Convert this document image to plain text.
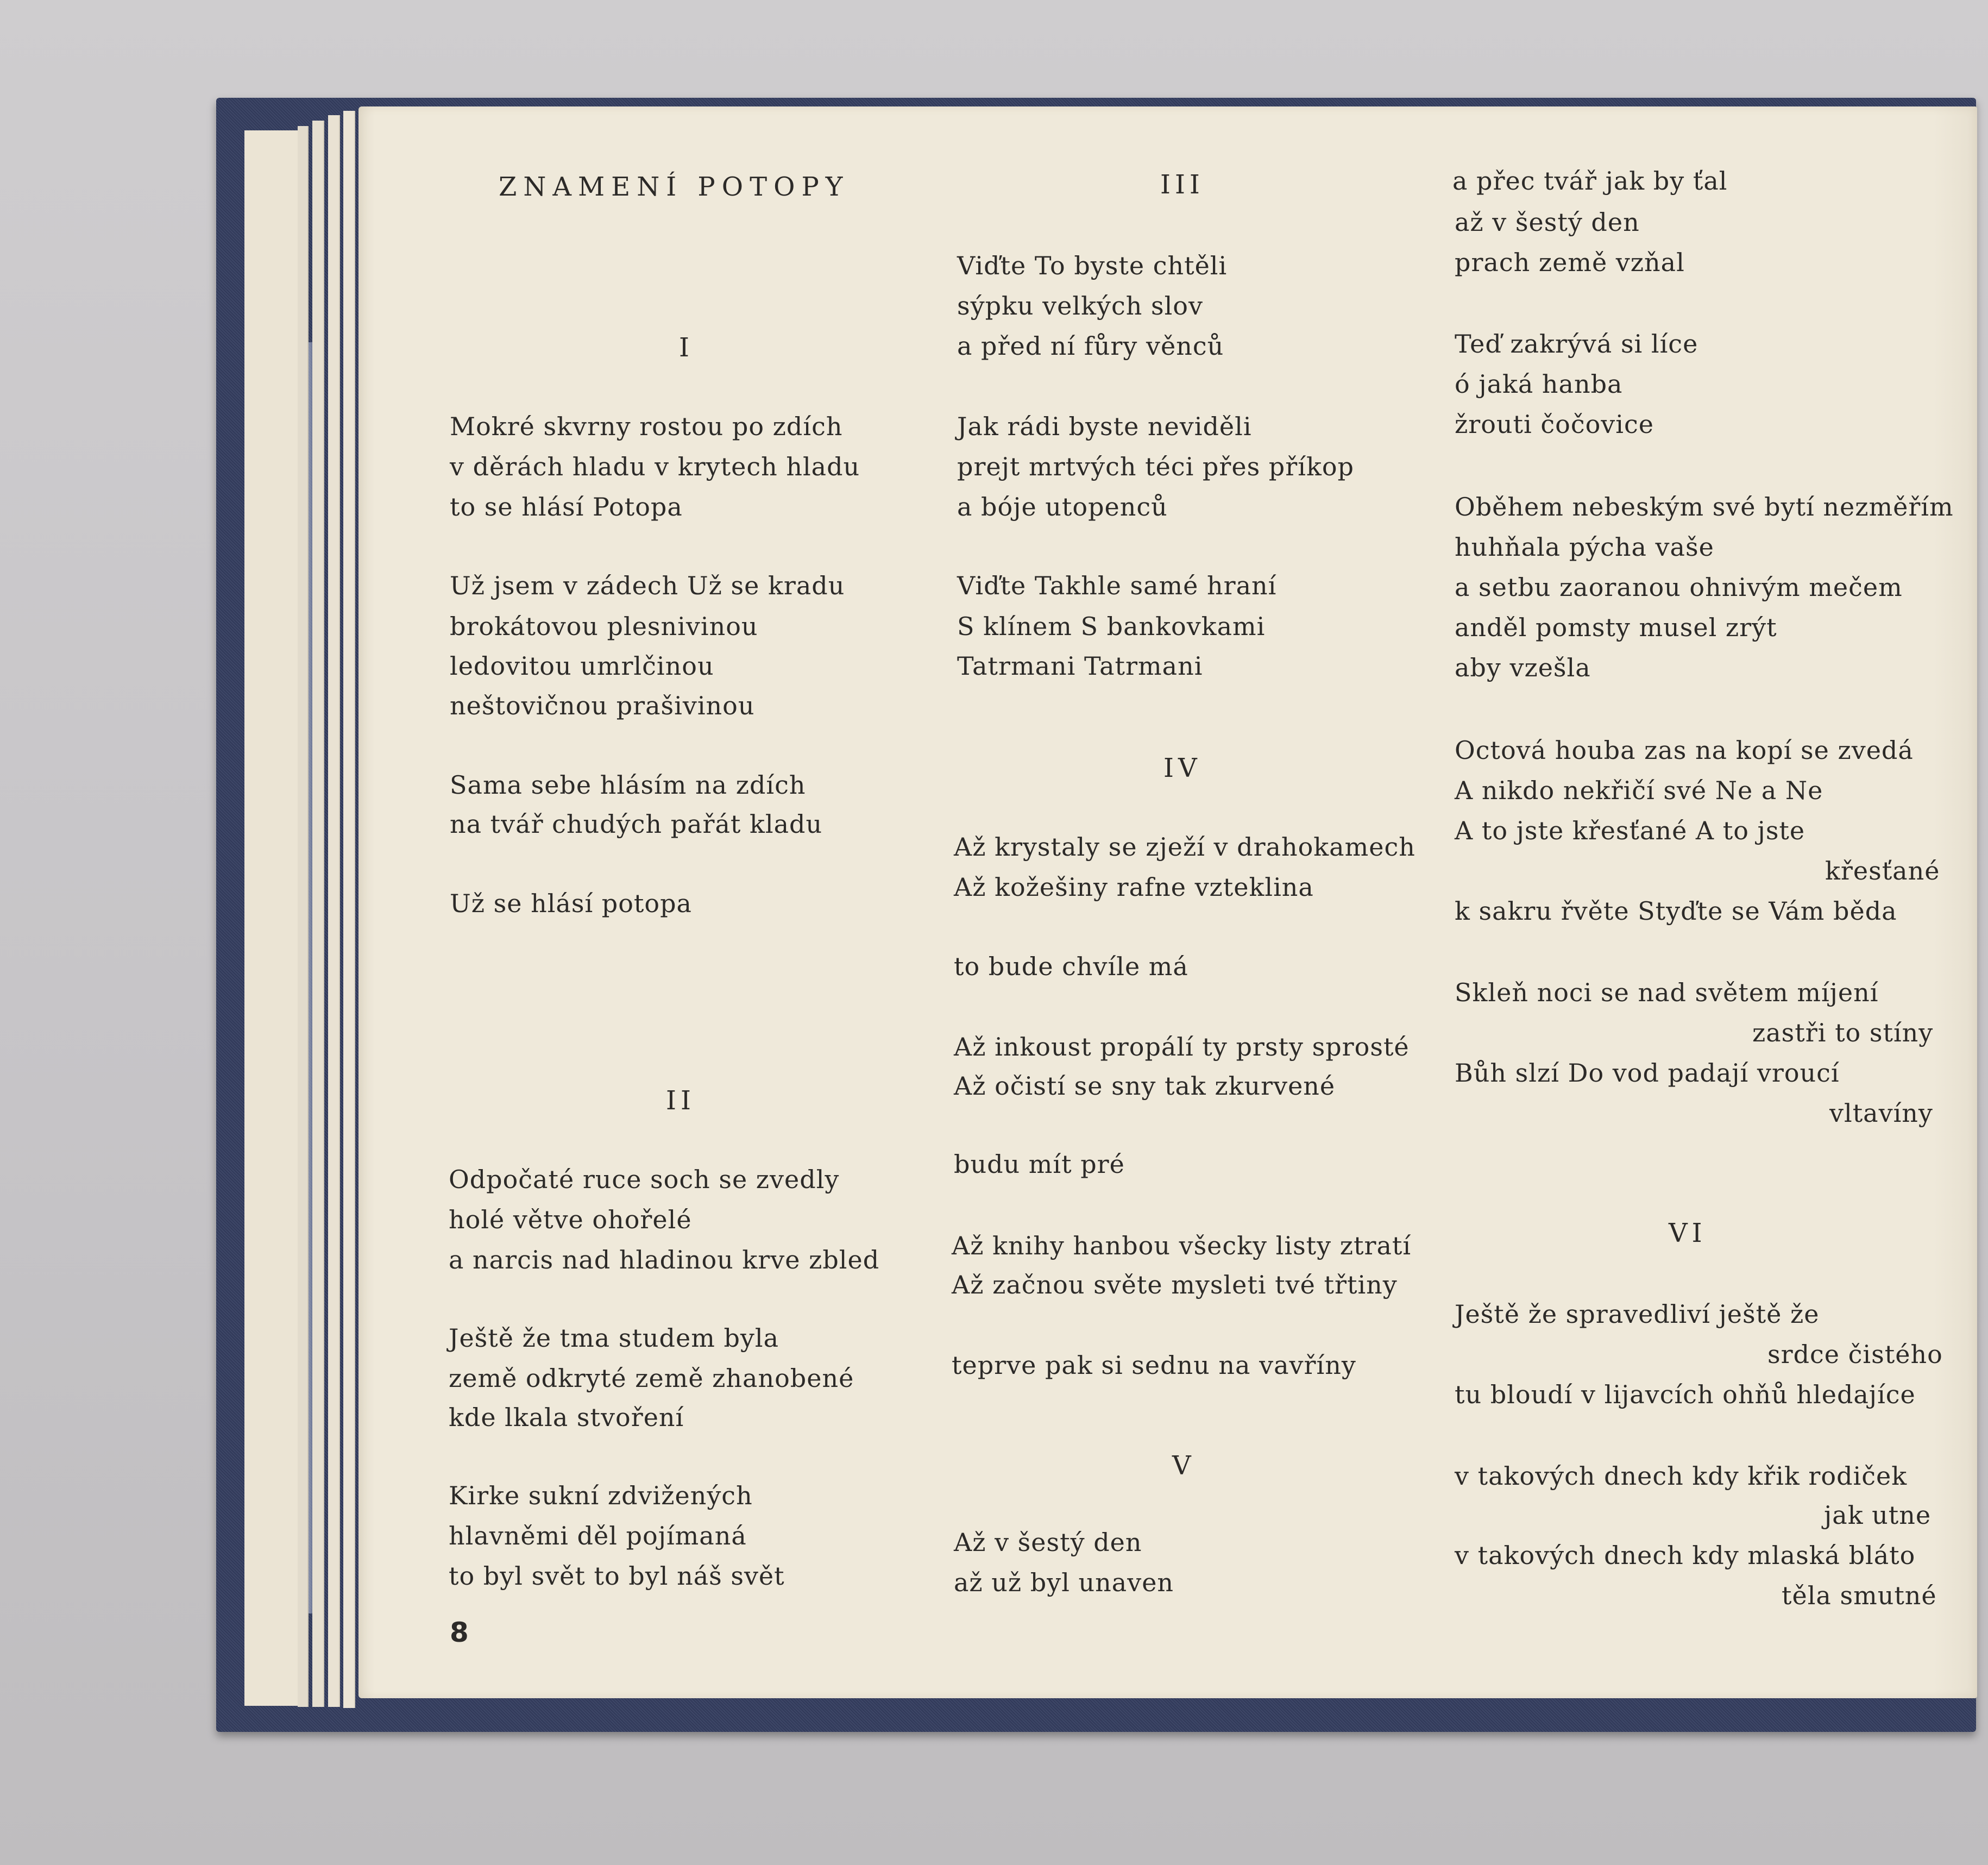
ZNAMENÍ POTOPY
I
Mokré skvrny rostou po zdích
v děrách hladu v krytech hladu
to se hlásí Potopa
Už jsem v zádech Už se kradu
brokátovou plesnivinou
ledovitou umrlčinou
neštovičnou prašivinou
Sama sebe hlásím na zdích
na tvář chudých pařát kladu
Už se hlásí potopa
II
Odpočaté ruce soch se zvedly
holé větve ohořelé
a narcis nad hladinou krve zbled
Ještě že tma studem byla
země odkryté země zhanobené
kde lkala stvoření
Kirke sukní zdvižených
hlavněmi děl pojímaná
to byl svět to byl náš svět
8
III
Viďte To byste chtěli
sýpku velkých slov
a před ní fůry věnců
Jak rádi byste neviděli
prejt mrtvých téci přes příkop
a bóje utopenců
Viďte Takhle samé hraní
S klínem S bankovkami
Tatrmani Tatrmani
IV
Až krystaly se zježí v drahokamech
Až kožešiny rafne vzteklina
to bude chvíle má
Až inkoust propálí ty prsty sprosté
Až očistí se sny tak zkurvené
budu mít pré
Až knihy hanbou všecky listy ztratí
Až začnou světe mysleti tvé třtiny
teprve pak si sednu na vavříny
V
Až v šestý den
až už byl unaven
a přec tvář jak by ťal
až v šestý den
prach země vzňal
Teď zakrývá si líce
ó jaká hanba
žrouti čočovice
Oběhem nebeským své bytí nezměřím
huhňala pýcha vaše
a setbu zaoranou ohnivým mečem
anděl pomsty musel zrýt
aby vzešla
Octová houba zas na kopí se zvedá
A nikdo nekřičí své Ne a Ne
A to jste křesťané A to jste
křesťané
k sakru řvěte Styďte se Vám běda
Skleň noci se nad světem míjení
zastři to stíny
Bůh slzí Do vod padají vroucí
vltavíny
VI
Ještě že spravedliví ještě že
srdce čistého
tu bloudí v lijavcích ohňů hledajíce
v takových dnech kdy křik rodiček
jak utne
v takových dnech kdy mlaská bláto
těla smutné
